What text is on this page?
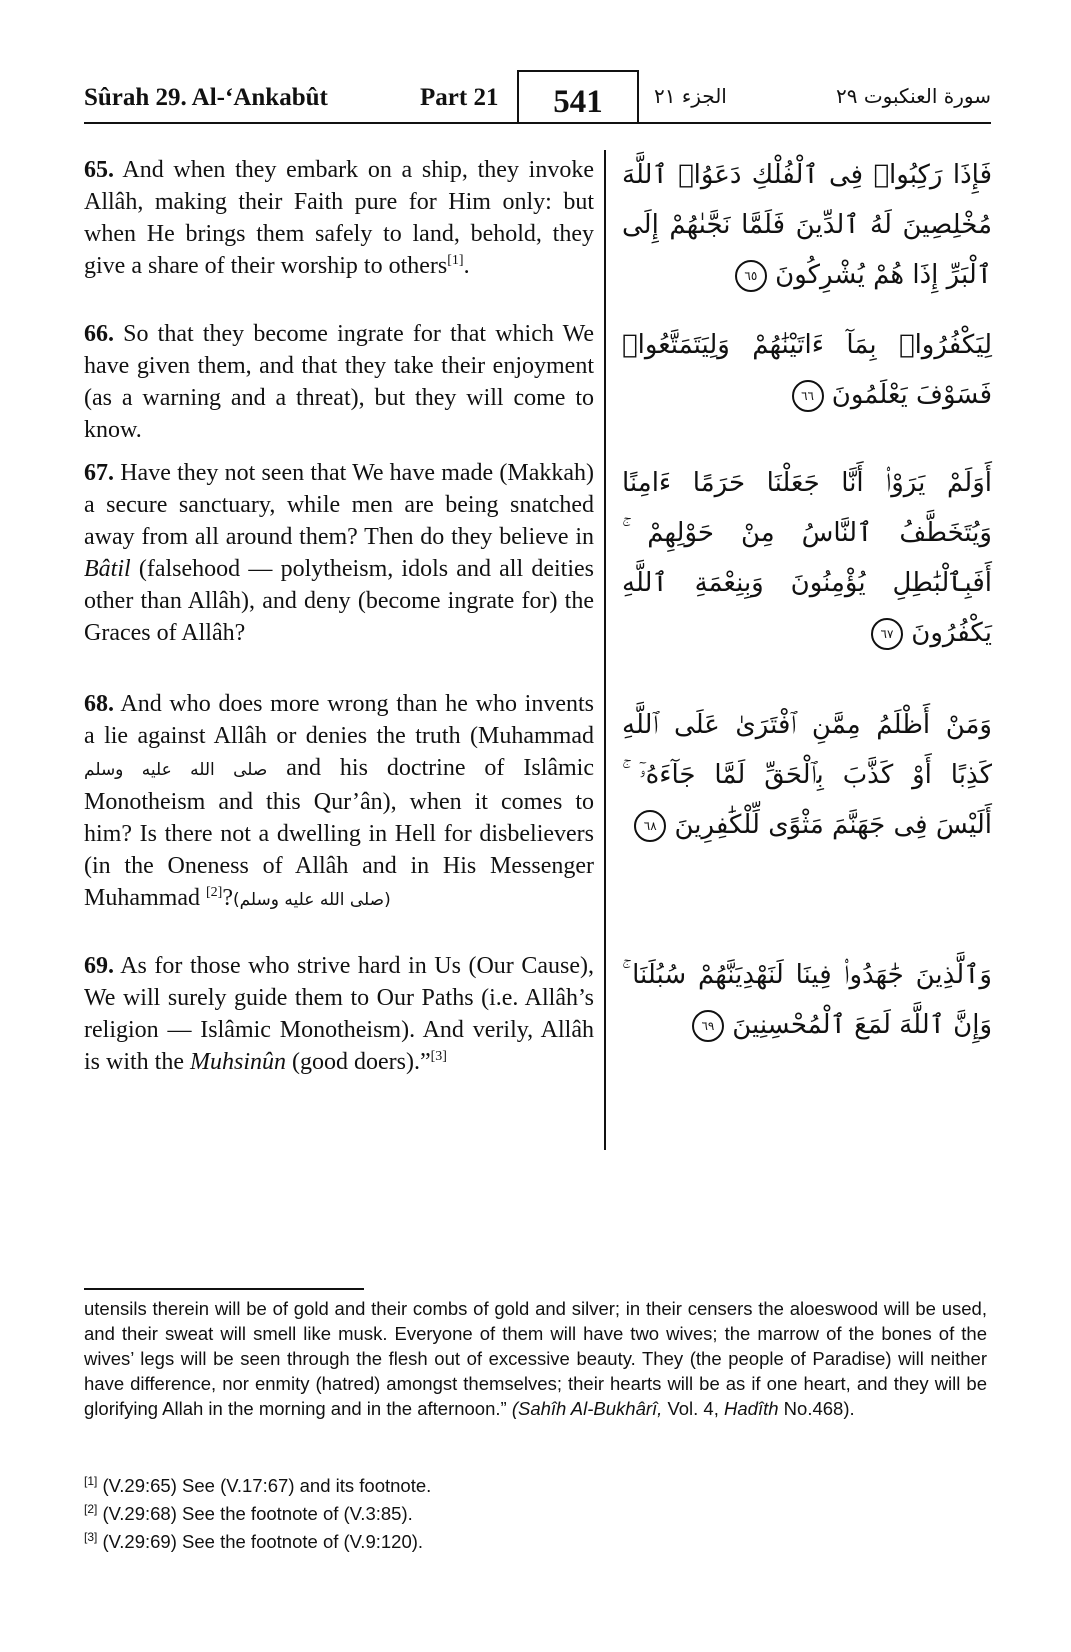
Sûrah 29. Al-‘Ankabût	Part 21	541	الجزء ٢١	سورة العنكبوت ٢٩
65. And when they embark on a ship, they invoke Allâh, making their Faith pure for Him only: but when He brings them safely to land, behold, they give a share of their worship to others[1].
فَإِذَا رَكِبُوا۟ فِى ٱلْفُلْكِ دَعَوُا۟ ٱللَّهَ مُخْلِصِينَ لَهُ ٱلدِّينَ فَلَمَّا نَجَّىٰهُمْ إِلَى ٱلْبَرِّ إِذَا هُمْ يُشْرِكُونَ ٦٥
66. So that they become ingrate for that which We have given them, and that they take their enjoyment (as a warning and a threat), but they will come to know.
لِيَكْفُرُوا۟ بِمَآ ءَاتَيْنَٰهُمْ وَلِيَتَمَتَّعُوا۟ فَسَوْفَ يَعْلَمُونَ ٦٦
67. Have they not seen that We have made (Makkah) a secure sanctuary, while men are being snatched away from all around them? Then do they believe in Bâtil (falsehood — polytheism, idols and all deities other than Allâh), and deny (become ingrate for) the Graces of Allâh?
أَوَلَمْ يَرَوْا۟ أَنَّا جَعَلْنَا حَرَمًا ءَامِنًا وَيُتَخَطَّفُ ٱلنَّاسُ مِنْ حَوْلِهِمْ ۚ أَفَبِٱلْبَٰطِلِ يُؤْمِنُونَ وَبِنِعْمَةِ ٱللَّهِ يَكْفُرُونَ ٦٧
68. And who does more wrong than he who invents a lie against Allâh or denies the truth (Muhammad صلى الله عليه وسلم and his doctrine of Islâmic Monotheism and this Qur’ân), when it comes to him? Is there not a dwelling in Hell for disbelievers (in the Oneness of Allâh and in His Messenger Muhammad (صلى الله عليه وسلم)?[2]
وَمَنْ أَظْلَمُ مِمَّنِ ٱفْتَرَىٰ عَلَى ٱللَّهِ كَذِبًا أَوْ كَذَّبَ بِٱلْحَقِّ لَمَّا جَآءَهُۥٓ ۚ أَلَيْسَ فِى جَهَنَّمَ مَثْوًى لِّلْكَٰفِرِينَ ٦٨
69. As for those who strive hard in Us (Our Cause), We will surely guide them to Our Paths (i.e. Allâh’s religion — Islâmic Monotheism). And verily, Allâh is with the Muhsinûn (good doers).”[3]
وَٱلَّذِينَ جَٰهَدُوا۟ فِينَا لَنَهْدِيَنَّهُمْ سُبُلَنَا ۚ وَإِنَّ ٱللَّهَ لَمَعَ ٱلْمُحْسِنِينَ ٦٩
utensils therein will be of gold and their combs of gold and silver; in their censers the aloeswood will be used, and their sweat will smell like musk. Everyone of them will have two wives; the marrow of the bones of the wives’ legs will be seen through the flesh out of excessive beauty. They (the people of Paradise) will neither have difference, nor enmity (hatred) amongst themselves; their hearts will be as if one heart, and they will be glorifying Allah in the morning and in the afternoon.” (Sahîh Al-Bukhârî, Vol. 4, Hadîth No.468).
[1] (V.29:65) See (V.17:67) and its footnote.
[2] (V.29:68) See the footnote of (V.3:85).
[3] (V.29:69) See the footnote of (V.9:120).
